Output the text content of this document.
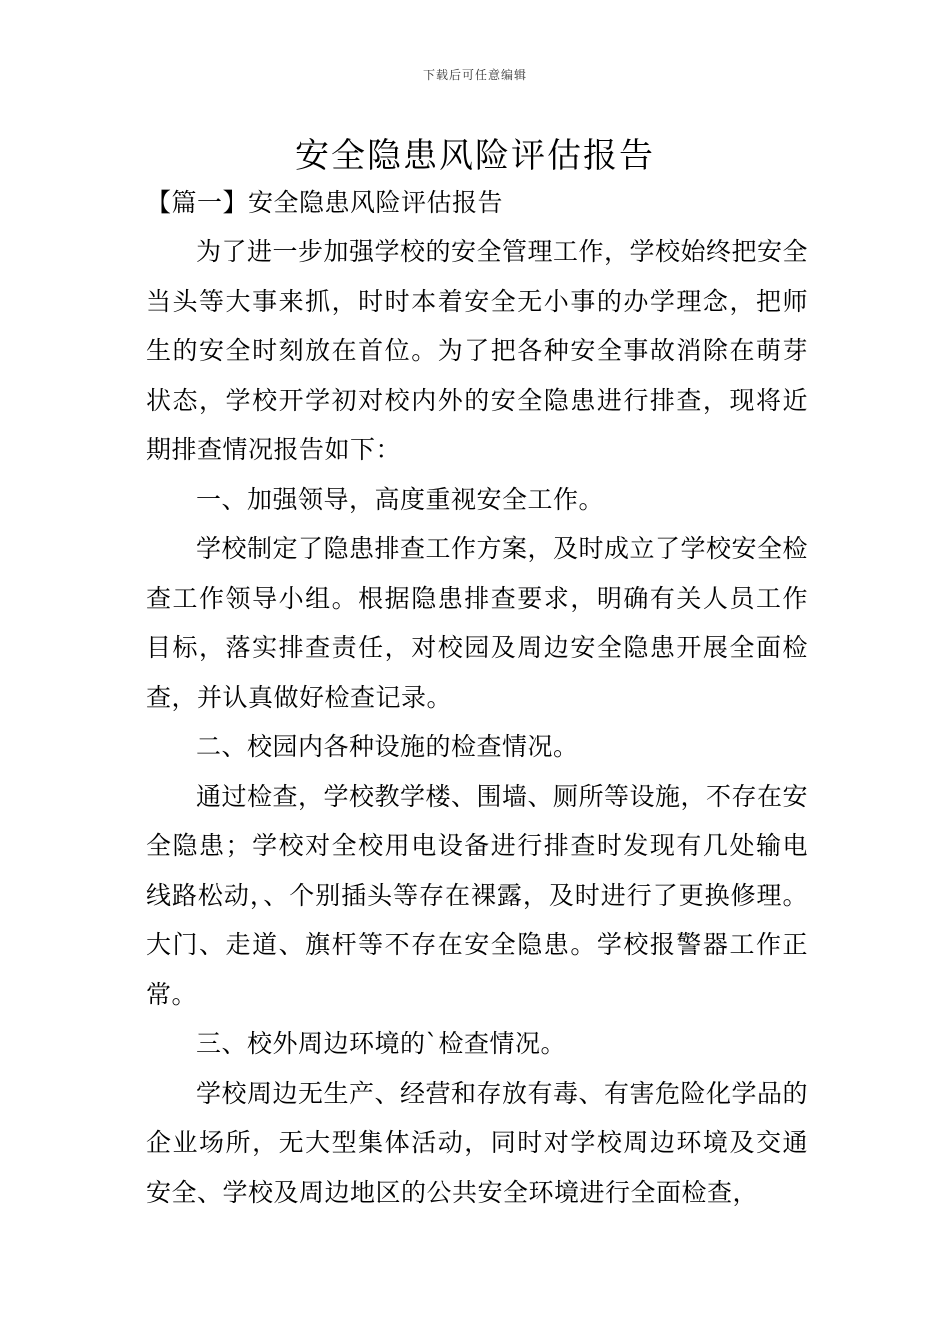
下载后可任意编辑
安全隐患风险评估报告
【篇一】安全隐患风险评估报告

为了进一步加强学校的安全管理工作，学校始终把安全当头等大事来抓，时时本着安全无小事的办学理念，把师生的安全时刻放在首位。为了把各种安全事故消除在萌芽状态，学校开学初对校内外的安全隐患进行排查，现将近期排查情况报告如下：

一、加强领导，高度重视安全工作。

学校制定了隐患排查工作方案，及时成立了学校安全检查工作领导小组。根据隐患排查要求，明确有关人员工作目标，落实排查责任，对校园及周边安全隐患开展全面检查，并认真做好检查记录。

二、校园内各种设施的检查情况。

通过检查，学校教学楼、围墙、厕所等设施，不存在安全隐患；学校对全校用电设备进行排查时发现有几处输电线路松动，、个别插头等存在裸露，及时进行了更换修理。大门、走道、旗杆等不存在安全隐患。学校报警器工作正常。

三、校外周边环境的`检查情况。

学校周边无生产、经营和存放有毒、有害危险化学品的企业场所，无大型集体活动，同时对学校周边环境及交通安全、学校及周边地区的公共安全环境进行全面检查，
